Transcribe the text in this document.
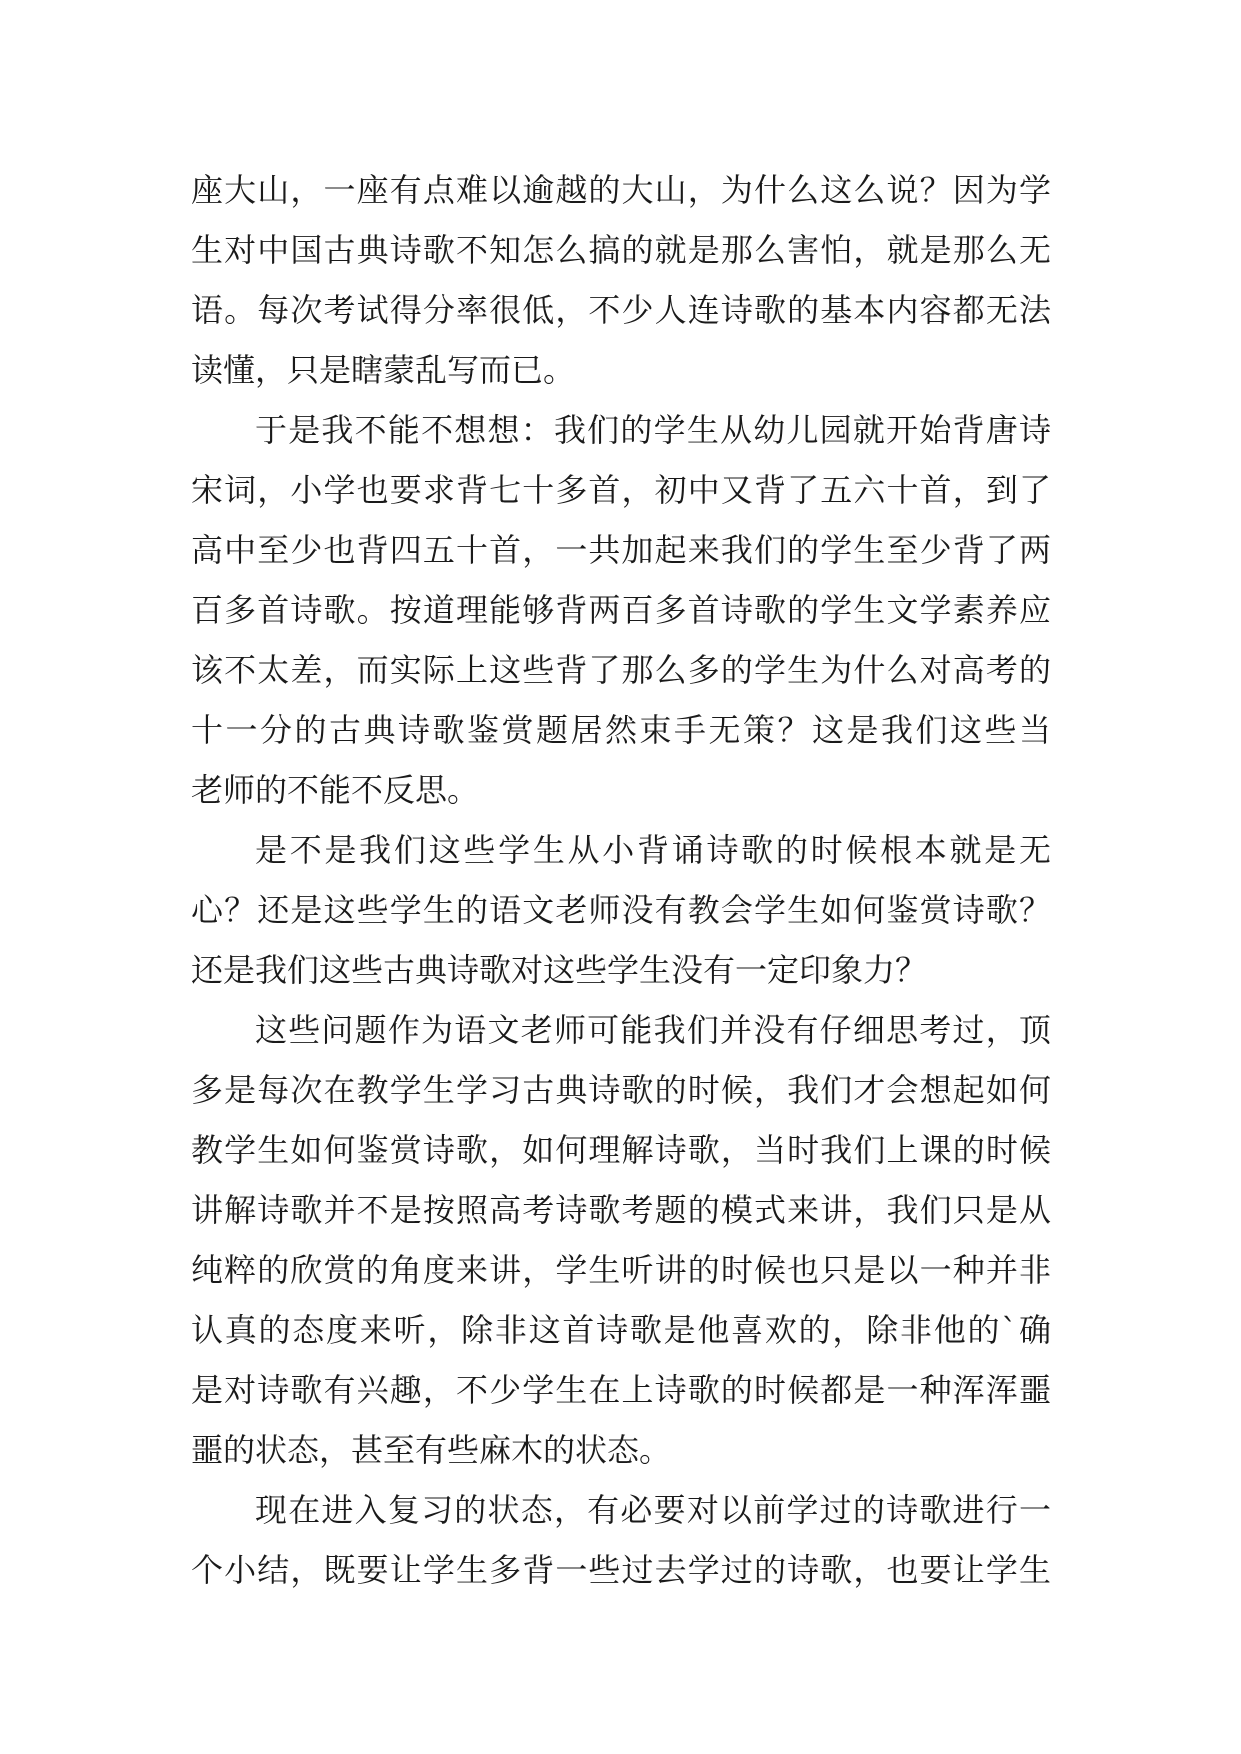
座大山，一座有点难以逾越的大山，为什么这么说？因为学
生对中国古典诗歌不知怎么搞的就是那么害怕，就是那么无
语。每次考试得分率很低，不少人连诗歌的基本内容都无法
读懂，只是瞎蒙乱写而已。
于是我不能不想想：我们的学生从幼儿园就开始背唐诗
宋词，小学也要求背七十多首，初中又背了五六十首，到了
高中至少也背四五十首，一共加起来我们的学生至少背了两
百多首诗歌。按道理能够背两百多首诗歌的学生文学素养应
该不太差，而实际上这些背了那么多的学生为什么对高考的
十一分的古典诗歌鉴赏题居然束手无策？这是我们这些当
老师的不能不反思。
是不是我们这些学生从小背诵诗歌的时候根本就是无
心？还是这些学生的语文老师没有教会学生如何鉴赏诗歌？
还是我们这些古典诗歌对这些学生没有一定印象力？
这些问题作为语文老师可能我们并没有仔细思考过，顶
多是每次在教学生学习古典诗歌的时候，我们才会想起如何
教学生如何鉴赏诗歌，如何理解诗歌，当时我们上课的时候
讲解诗歌并不是按照高考诗歌考题的模式来讲，我们只是从
纯粹的欣赏的角度来讲，学生听讲的时候也只是以一种并非
认真的态度来听，除非这首诗歌是他喜欢的，除非他的`确
是对诗歌有兴趣，不少学生在上诗歌的时候都是一种浑浑噩
噩的状态，甚至有些麻木的状态。
现在进入复习的状态，有必要对以前学过的诗歌进行一
个小结，既要让学生多背一些过去学过的诗歌，也要让学生
